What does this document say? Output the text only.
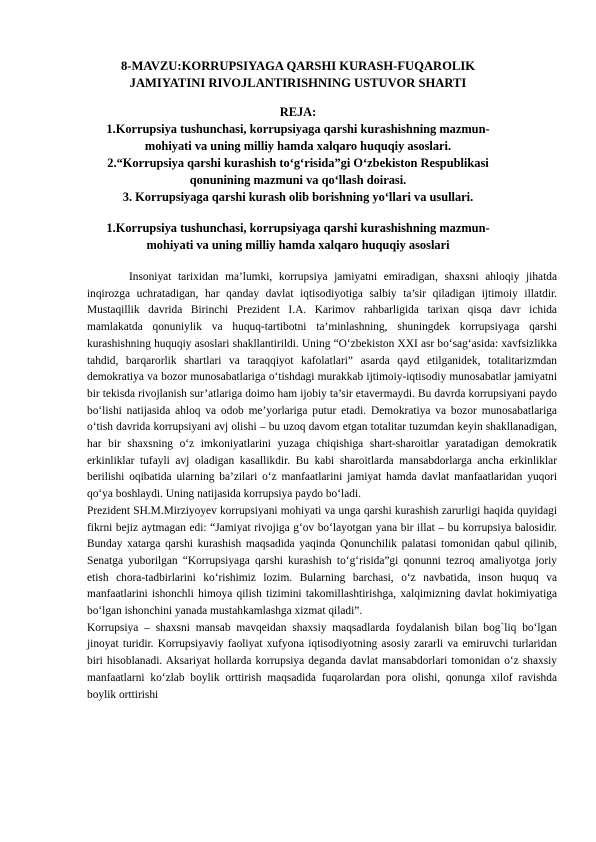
8-MAVZU:KORRUPSIYAGA QARSHI KURASH-FUQAROLIK
JAMIYATINI RIVOJLANTIRISHNING USTUVOR SHARTI
REJA:
1.Korrupsiya tushunchasi, korrupsiyaga qarshi kurashishning mazmun-
mohiyati va uning milliy hamda xalqaro huquqiy asoslari.
2.“Korrupsiya qarshi kurashish to‘g‘risida”gi O‘zbekiston Respublikasi
qonunining mazmuni va qo‘llash doirasi.
3. Korrupsiyaga qarshi kurash olib borishning yo‘llari va usullari.
1.Korrupsiya tushunchasi, korrupsiyaga qarshi kurashishning mazmun-
mohiyati va uning milliy hamda xalqaro huquqiy asoslari

Insoniyat tarixidan ma’lumki, korrupsiya jamiyatni emiradigan, shaxsni ahloqiy jihatda inqirozga uchratadigan, har qanday davlat iqtisodiyotiga salbiy ta’sir qiladigan ijtimoiy illatdir. Mustaqillik davrida Birinchi Prezident I.A. Karimov rahbarligida tarixan qisqa davr ichida mamlakatda qonuniylik va huquq-tartibotni ta’minlashning, shuningdek korrupsiyaga qarshi kurashishning huquqiy asoslari shakllantirildi. Uning “O‘zbekiston XXI asr bo‘sag‘asida: xavfsizlikka tahdid, barqarorlik shartlari va taraqqiyot kafolatlari” asarda qayd etilganidek, totalitarizmdan demokratiya va bozor munosabatlariga o‘tishdagi murakkab ijtimoiy-iqtisodiy munosabatlar jamiyatni bir tekisda rivojlanish sur’atlariga doimo ham ijobiy ta’sir etavermaydi. Bu davrda korrupsiyani paydo bo‘lishi natijasida ahloq va odob me’yorlariga putur etadi. Demokratiya va bozor munosabatlariga o‘tish davrida korrupsiyani avj olishi – bu uzoq davom etgan totalitar tuzumdan keyin shakllanadigan, har bir shaxsning o‘z imkoniyatlarini yuzaga chiqishiga shart-sharoitlar yaratadigan demokratik erkinliklar tufayli avj oladigan kasallikdir. Bu kabi sharoitlarda mansabdorlarga ancha erkinliklar berilishi oqibatida ularning ba’zilari o‘z manfaatlarini jamiyat hamda davlat manfaatlaridan yuqori qo‘ya boshlaydi. Uning natijasida korrupsiya paydo bo‘ladi.

Prezident SH.M.Mirziyoyev korrupsiyani mohiyati va unga qarshi kurashish zarurligi haqida quyidagi fikrni bejiz aytmagan edi: “Jamiyat rivojiga g‘ov bo‘layotgan yana bir illat – bu korrupsiya balosidir. Bunday xatarga qarshi kurashish maqsadida yaqinda Qonunchilik palatasi tomonidan qabul qilinib, Senatga yuborilgan “Korrupsiyaga qarshi kurashish to‘g‘risida”gi qonunni tezroq amaliyotga joriy etish chora-tadbirlarini ko‘rishimiz lozim. Bularning barchasi, o‘z navbatida, inson huquq va manfaatlarini ishonchli himoya qilish tizimini takomillashtirishga, xalqimizning davlat hokimiyatiga bo‘lgan ishonchini yanada mustahkamlashga xizmat qiladi”.

Korrupsiya – shaxsni mansab mavqeidan shaxsiy maqsadlarda foydalanish bilan bog`liq bo‘lgan jinoyat turidir. Korrupsiyaviy faoliyat xufyona iqtisodiyotning asosiy zararli va emiruvchi turlaridan biri hisoblanadi. Aksariyat hollarda korrupsiya deganda davlat mansabdorlari tomonidan o‘z shaxsiy manfaatlarni ko‘zlab boylik orttirish maqsadida fuqarolardan pora olishi, qonunga xilof ravishda boylik orttirishi
